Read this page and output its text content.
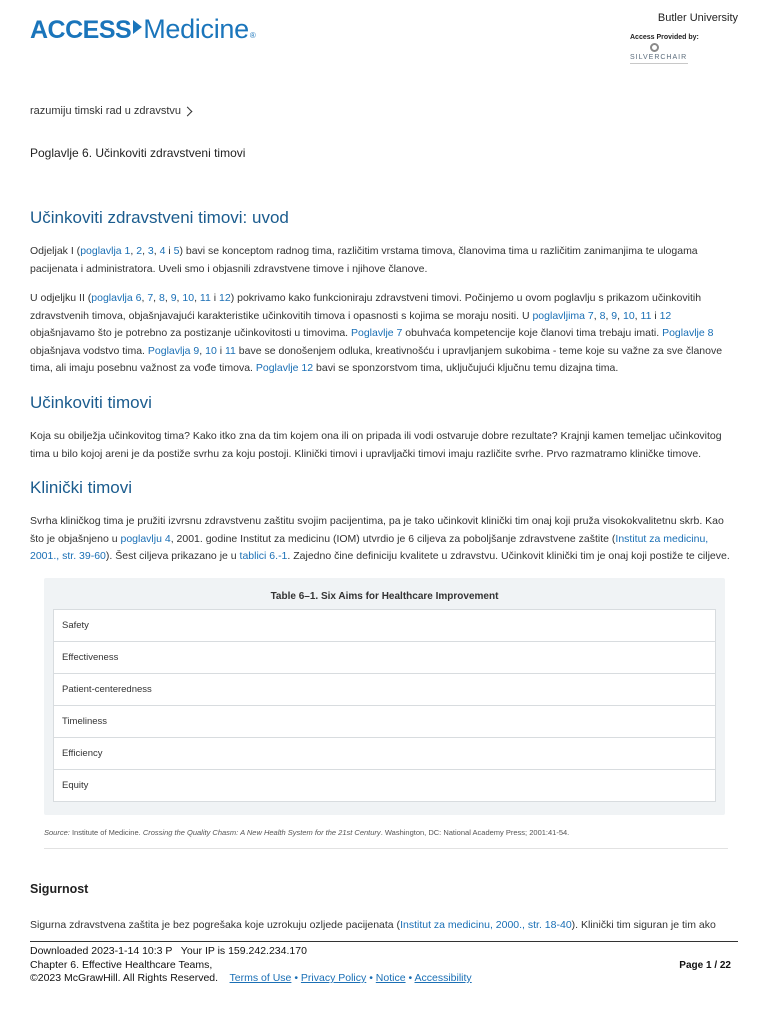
ACCESS Medicine ®
Butler University
Access Provided by:
SILVERCHAIR
razumiju timski rad u zdravstvu
Poglavlje 6. Učinkoviti zdravstveni timovi
Učinkoviti zdravstveni timovi: uvod

Odjeljak I (poglavlja 1, 2, 3, 4 i 5) bavi se konceptom radnog tima, različitim vrstama timova, članovima tima u različitim zanimanjima te ulogama pacijenata i administratora. Uveli smo i objasnili zdravstvene timove i njihove članove.

U odjeljku II (poglavlja 6, 7, 8, 9, 10, 11 i 12) pokrivamo kako funkcioniraju zdravstveni timovi. Počinjemo u ovom poglavlju s prikazom učinkovitih zdravstvenih timova, objašnjavajući karakteristike učinkovitih timova i opasnosti s kojima se moraju nositi. U poglavljima 7, 8, 9, 10, 11 i 12 objašnjavamo što je potrebno za postizanje učinkovitosti u timovima. Poglavlje 7 obuhvaća kompetencije koje članovi tima trebaju imati. Poglavlje 8 objašnjava vodstvo tima. Poglavlja 9, 10 i 11 bave se donošenjem odluka, kreativnošću i upravljanjem sukobima - teme koje su važne za sve članove tima, ali imaju posebnu važnost za vođe timova. Poglavlje 12 bavi se sponzorstvom tima, uključujući ključnu temu dizajna tima.

Učinkoviti timovi

Koja su obilježja učinkovitog tima? Kako itko zna da tim kojem ona ili on pripada ili vodi ostvaruje dobre rezultate? Krajnji kamen temeljac učinkovitog tima u bilo kojoj areni je da postiže svrhu za koju postoji. Klinički timovi i upravljački timovi imaju različite svrhe. Prvo razmatramo kliničke timove.

Klinički timovi

Svrha kliničkog tima je pružiti izvrsnu zdravstvenu zaštitu svojim pacijentima, pa je tako učinkovit klinički tim onaj koji pruža visokokvalitetnu skrb. Kao što je objašnjeno u poglavlju 4, 2001. godine Institut za medicinu (IOM) utvrdio je 6 ciljeva za poboljšanje zdravstvene zaštite (Institut za medicinu, 2001., str. 39-60). Šest ciljeva prikazano je u tablici 6.-1. Zajedno čine definiciju kvalitete u zdravstvu. Učinkovit klinički tim je onaj koji postiže te ciljeve.

Table 6–1. Six Aims for Healthcare Improvement
Safety
Effectiveness
Patient-centeredness
Timeliness
Efficiency
Equity
Source: Institute of Medicine. Crossing the Quality Chasm: A New Health System for the 21st Century. Washington, DC: National Academy Press; 2001:41-54.
Sigurnost

Sigurna zdravstvena zaštita je bez pogrešaka koje uzrokuju ozljede pacijenata (Institut za medicinu, 2000., str. 18-40). Klinički tim siguran je tim ako

Downloaded 2023-1-14 10:3 P   Your IP is 159.242.234.170
Chapter 6. Effective Healthcare Teams,
©2023 McGrawHill. All Rights Reserved. Terms of Use • Privacy Policy • Notice • Accessibility
Page 1 / 22
